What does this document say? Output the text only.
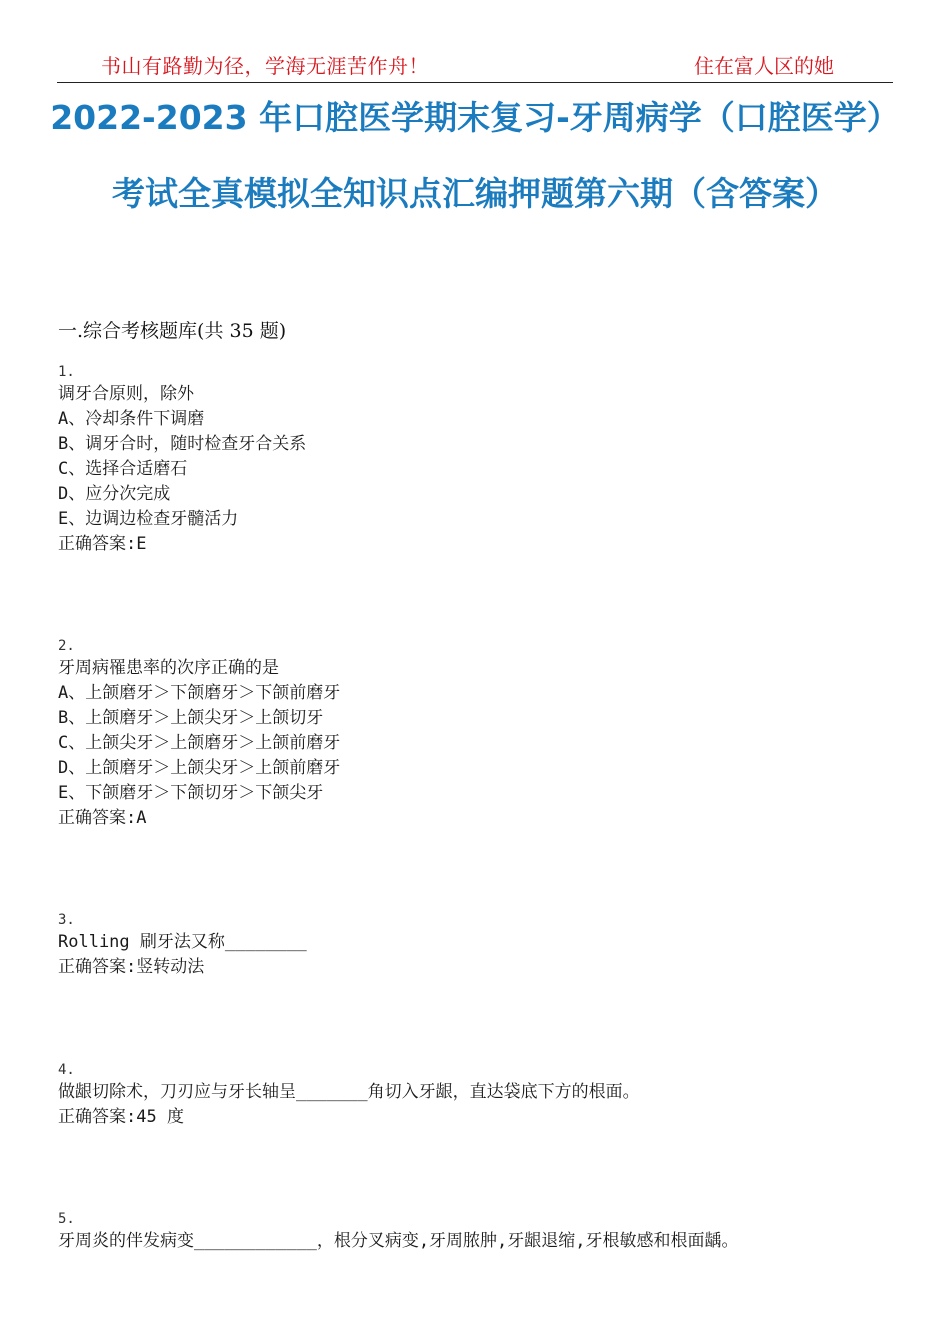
书山有路勤为径，学海无涯苦作舟！	住在富人区的她
2022-2023 年口腔医学期末复习-牙周病学（口腔医学）考试全真模拟全知识点汇编押题第六期（含答案）
一.综合考核题库(共 35 题)
1.
调牙合原则，除外
A、冷却条件下调磨
B、调牙合时，随时检查牙合关系
C、选择合适磨石
D、应分次完成
E、边调边检查牙髓活力
正确答案:E
2.
牙周病罹患率的次序正确的是
A、上颌磨牙＞下颌磨牙＞下颌前磨牙
B、上颌磨牙＞上颌尖牙＞上颌切牙
C、上颌尖牙＞上颌磨牙＞上颌前磨牙
D、上颌磨牙＞上颌尖牙＞上颌前磨牙
E、下颌磨牙＞下颌切牙＞下颌尖牙
正确答案:A
3.
Rolling 刷牙法又称________
正确答案:竖转动法
4.
做龈切除术，刀刃应与牙长轴呈_______角切入牙龈，直达袋底下方的根面。
正确答案:45 度
5.
牙周炎的伴发病变____________，根分叉病变,牙周脓肿,牙龈退缩,牙根敏感和根面龋。
